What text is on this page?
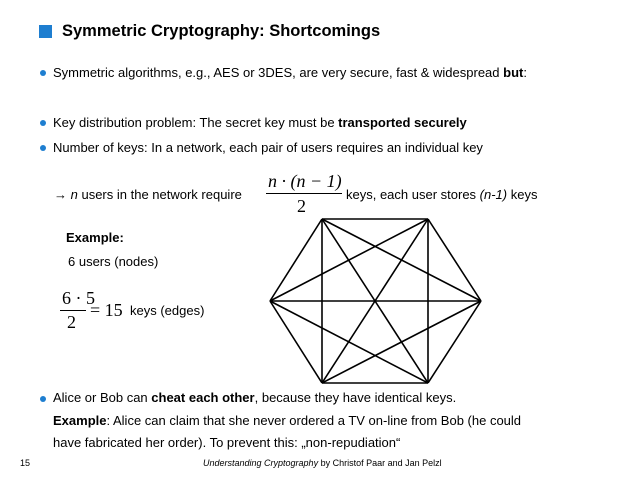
Symmetric Cryptography: Shortcomings
Symmetric algorithms, e.g., AES or 3DES, are very secure, fast & widespread but:
Key distribution problem: The secret key must be transported securely
Number of keys: In a network, each pair of users requires an individual key
→ n users in the network require
n · (n − 1)
2
keys, each user stores (n-1) keys
Example:
6 users (nodes)
6 · 5
2
= 15 keys (edges)
Alice or Bob can cheat each other, because they have identical keys.
Example: Alice can claim that she never ordered a TV on-line from Bob (he could
have fabricated her order). To prevent this: „non-repudiation“
15	Understanding Cryptography by Christof Paar and Jan Pelzl
